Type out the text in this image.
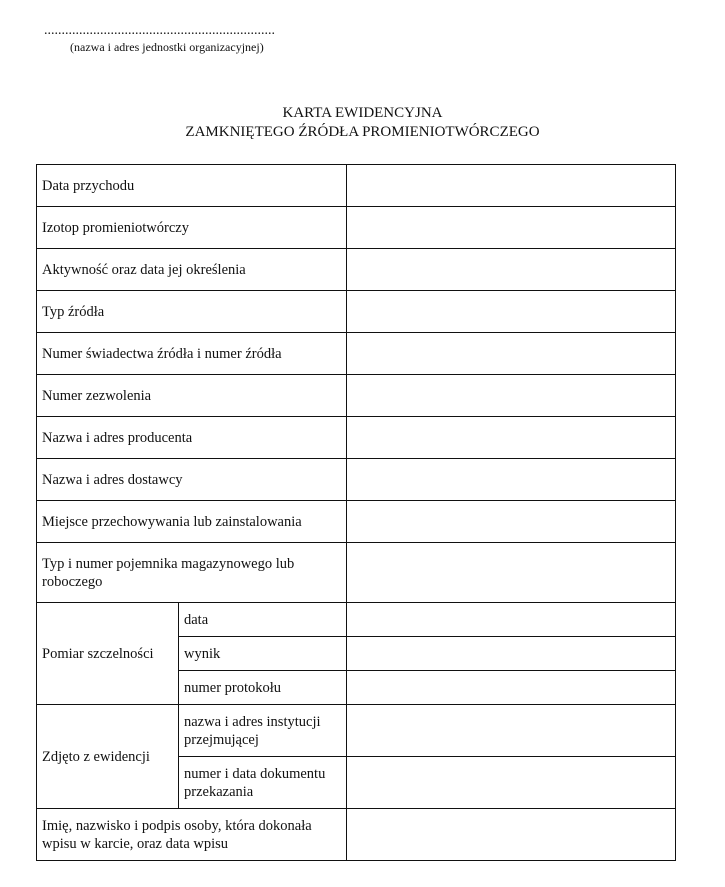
..................................................................
(nazwa i adres jednostki organizacyjnej)
KARTA EWIDENCYJNA
ZAMKNIĘTEGO ŹRÓDŁA PROMIENIOTWÓRCZEGO
Data przychodu		
Izotop promieniotwórczy		
Aktywność oraz data jej określenia		
Typ źródła		
Numer świadectwa źródła i numer źródła		
Numer zezwolenia		
Nazwa i adres producenta		
Nazwa i adres dostawcy		
Miejsce przechowywania lub zainstalowania		
Typ i numer pojemnika magazynowego lub roboczego		
Pomiar szczelności	data	
	wynik	
	numer protokołu	
Zdjęto z ewidencji	nazwa i adres instytucji przejmującej	
	numer i data dokumentu przekazania	
Imię, nazwisko i podpis osoby, która dokonała wpisu w karcie, oraz data wpisu		
